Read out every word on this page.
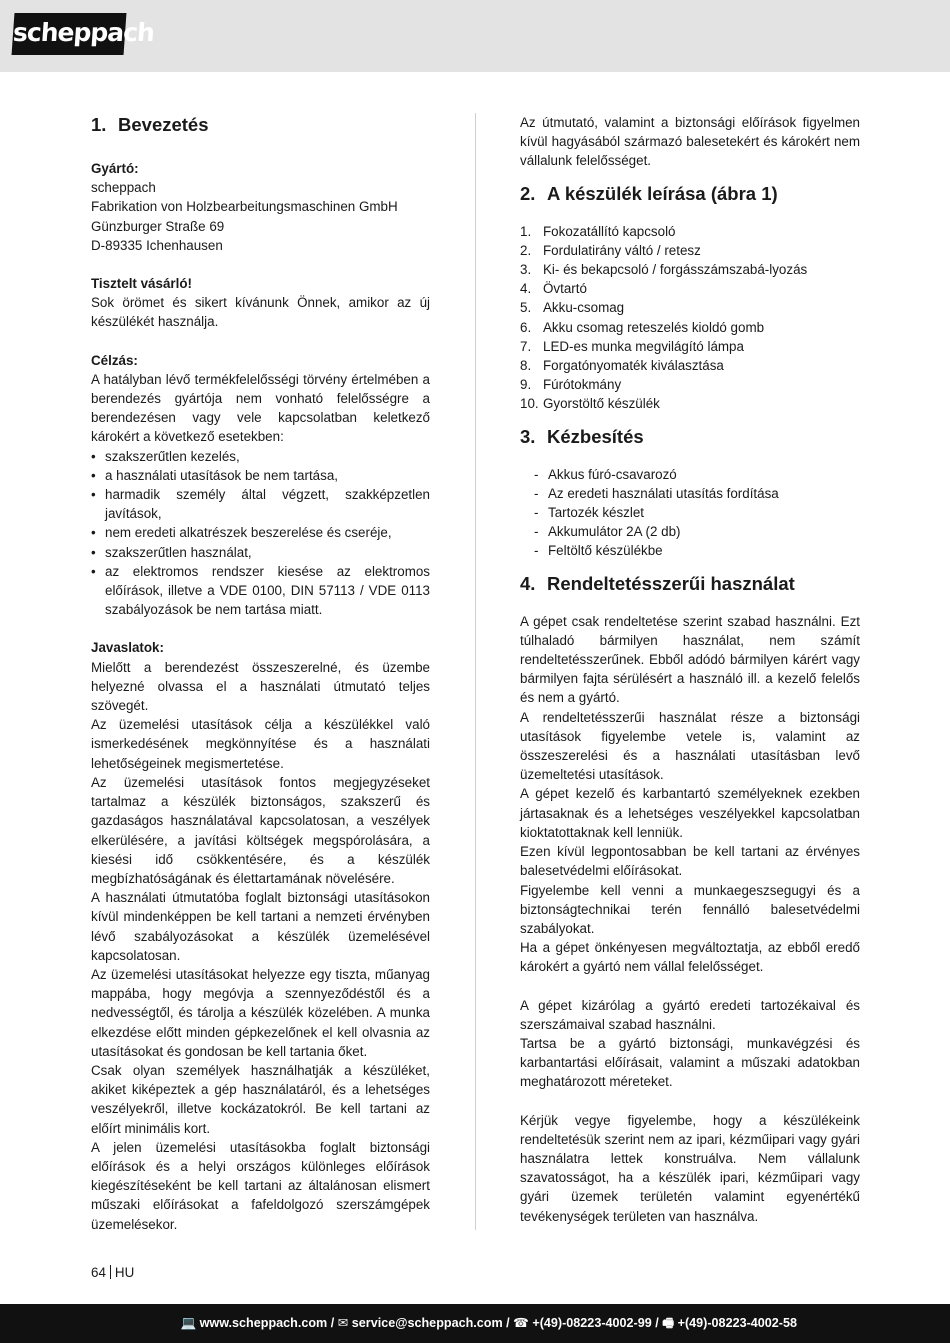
scheppach
1. Bevezetés

Gyártó:

scheppach
Fabrikation von Holzbearbeitungsmaschinen GmbH
Günzburger Straße 69
D-89335 Ichenhausen

Tisztelt vásárló!

Sok örömet és sikert kívánunk Önnek, amikor az új készülékét használja.

Célzás:

A hatályban lévő termékfelelősségi törvény értelmében a berendezés gyártója nem vonható felelősségre a berendezésen vagy vele kapcsolatban keletkező károkért a következő esetekben:

• szakszerűtlen kezelés,
• a használati utasítások be nem tartása,
• harmadik személy által végzett, szakképzetlen javítások,
• nem eredeti alkatrészek beszerelése és cseréje,
• szakszerűtlen használat,
• az elektromos rendszer kiesése az elektromos előírások, illetve a VDE 0100, DIN 57113 / VDE 0113 szabályozások be nem tartása miatt.

Javaslatok:

Mielőtt a berendezést összeszerelné, és üzembe helyezné olvassa el a használati útmutató teljes szövegét.

Az üzemelési utasítások célja a készülékkel való ismerkedésének megkönnyítése és a használati lehetőségeinek megismertetése.

Az üzemelési utasítások fontos megjegyzéseket tartalmaz a készülék biztonságos, szakszerű és gazdaságos használatával kapcsolatosan, a veszélyek elkerülésére, a javítási költségek megspórolására, a kiesési idő csökkentésére, és a készülék megbízhatóságának és élettartamának növelésére.

A használati útmutatóba foglalt biztonsági utasításokon kívül mindenképpen be kell tartani a nemzeti érvényben lévő szabályozásokat a készülék üzemelésével kapcsolatosan.

Az üzemelési utasításokat helyezze egy tiszta, műanyag mappába, hogy megóvja a szennyeződéstől és a nedvességtől, és tárolja a készülék közelében. A munka elkezdése előtt minden gépkezelőnek el kell olvasnia az utasításokat és gondosan be kell tartania őket.

Csak olyan személyek használhatják a készüléket, akiket kiképeztek a gép használatáról, és a lehetséges veszélyekről, illetve kockázatokról. Be kell tartani az előírt minimális kort.

A jelen üzemelési utasításokba foglalt biztonsági előírások és a helyi országos különleges előírások kiegészítéseként be kell tartani az általánosan elismert műszaki előírásokat a fafeldolgozó szerszámgépek üzemelésekor.

Az útmutató, valamint a biztonsági előírások figyelmen kívül hagyásából származó balesetekért és károkért nem vállalunk felelősséget.

2. A készülék leírása (ábra 1)
1. Fokozatállító kapcsoló
2. Fordulatirány váltó / retesz
3. Ki- és bekapcsoló / forgásszámszabá-lyozás
4. Övtartó
5. Akku-csomag
6. Akku csomag reteszelés kioldó gomb
7. LED-es munka megvilágító lámpa
8. Forgatónyomaték kiválasztása
9. Fúrótokmány
10. Gyorstöltő készülék
3. Kézbesítés
- Akkus fúró-csavarozó
- Az eredeti használati utasítás fordítása
- Tartozék készlet
- Akkumulátor 2A (2 db)
- Feltöltő készülékbe
4. Rendeltetésszerűi használat

A gépet csak rendeltetése szerint szabad használni. Ezt túlhaladó bármilyen használat, nem számít rendeltetésszerűnek. Ebből adódó bármilyen kárért vagy bármilyen fajta sérülésért a használó ill. a kezelő felelős és nem a gyártó.

A rendeltetésszerűi használat része a biztonsági utasítások figyelembe vetele is, valamint az összeszerelési és a használati utasításban levő üzemeltetési utasítások.

A gépet kezelő és karbantartó személyeknek ezekben jártasaknak és a lehetséges veszélyekkel kapcsolatban kioktatottaknak kell lenniük.

Ezen kívül legpontosabban be kell tartani az érvényes balesetvédelmi előírásokat.

Figyelembe kell venni a munkaegeszsegugyi és a biztonságtechnikai terén fennálló balesetvédelmi szabályokat.

Ha a gépet önkényesen megváltoztatja, az ebből eredő károkért a gyártó nem vállal felelősséget.

A gépet kizárólag a gyártó eredeti tartozékaival és szerszámaival szabad használni.

Tartsa be a gyártó biztonsági, munkavégzési és karbantartási előírásait, valamint a műszaki adatokban meghatározott méreteket.

Kérjük vegye figyelembe, hogy a készülékeink rendeltetésük szerint nem az ipari, kézműipari vagy gyári használatra lettek konstruálva. Nem vállalunk szavatosságot, ha a készülék ipari, kézműipari vagy gyári üzemek területén valamint egyenértékű tevékenységek területen van használva.

64 HU
💻 www.scheppach.com / ✉ service@scheppach.com / ☎ +(49)-08223-4002-99 / 🖷 +(49)-08223-4002-58
